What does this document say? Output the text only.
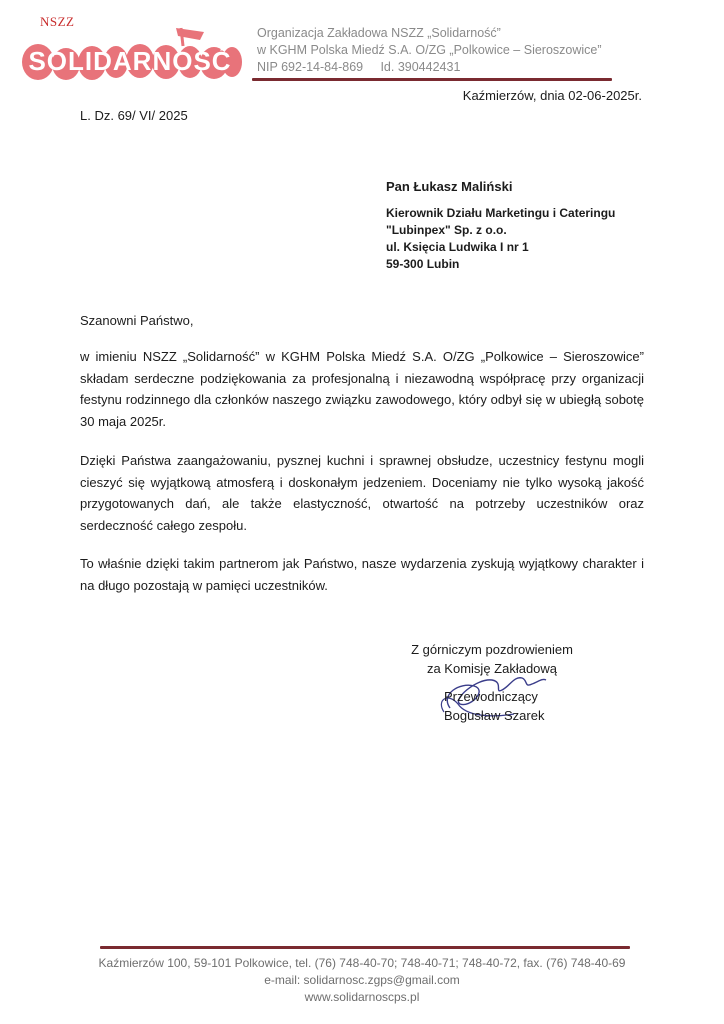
NSZZ
SOLIDARNOŚĆ
Organizacja Zakładowa NSZZ „Solidarność”
w KGHM Polska Miedź S.A. O/ZG „Polkowice – Sieroszowice”
NIP 692-14-84-869     Id. 390442431
Kaźmierzów, dnia 02-06-2025r.
L. Dz. 69/ VI/ 2025
Pan Łukasz Maliński
Kierownik Działu Marketingu i Cateringu
"Lubinpex" Sp. z o.o.
ul. Księcia Ludwika I nr 1
59-300 Lubin
Szanowni Państwo,
w imieniu NSZZ „Solidarność” w KGHM Polska Miedź S.A. O/ZG „Polkowice – Sieroszowice” składam serdeczne podziękowania za profesjonalną i niezawodną współpracę przy organizacji festynu rodzinnego dla członków naszego związku zawodowego, który odbył się w ubiegłą sobotę 30 maja 2025r.
Dzięki Państwa zaangażowaniu, pysznej kuchni i sprawnej obsłudze, uczestnicy festynu mogli cieszyć się wyjątkową atmosferą i doskonałym jedzeniem. Doceniamy nie tylko wysoką jakość przygotowanych dań, ale także elastyczność, otwartość na potrzeby uczestników oraz serdeczność całego zespołu.
To właśnie dzięki takim partnerom jak Państwo, nasze wydarzenia zyskują wyjątkowy charakter i na długo pozostają w pamięci uczestników.
Z górniczym pozdrowieniem
za Komisję Zakładową
Przewodniczący
Bogusław Szarek
Kaźmierzów 100, 59-101 Polkowice, tel. (76) 748-40-70; 748-40-71; 748-40-72, fax. (76) 748-40-69
e-mail: solidarnosc.zgps@gmail.com
www.solidarnoscps.pl
